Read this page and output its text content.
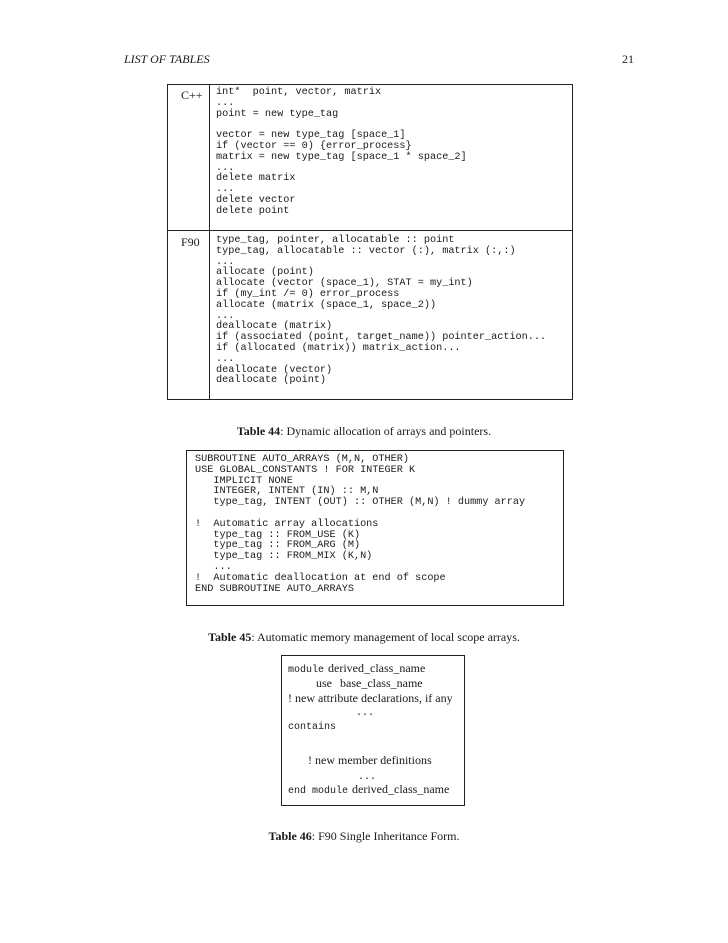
LIST OF TABLES	21
C++ int*  point, vector, matrix
...
point = new type_tag

vector = new type_tag [space_1]
if (vector == 0) {error_process}
matrix = new type_tag [space_1 * space_2]
...
delete matrix
...
delete vector
delete point
F90 type_tag, pointer, allocatable :: point
type_tag, allocatable :: vector (:), matrix (:,:)
...
allocate (point)
allocate (vector (space_1), STAT = my_int)
if (my_int /= 0) error_process
allocate (matrix (space_1, space_2))
...
deallocate (matrix)
if (associated (point, target_name)) pointer_action...
if (allocated (matrix)) matrix_action...
...
deallocate (vector)
deallocate (point)
Table 44: Dynamic allocation of arrays and pointers.
SUBROUTINE AUTO_ARRAYS (M,N, OTHER)
USE GLOBAL_CONSTANTS ! FOR INTEGER K
IMPLICIT NONE
INTEGER, INTENT (IN) :: M,N
type_tag, INTENT (OUT) :: OTHER (M,N) ! dummy array

!  Automatic array allocations
type_tag :: FROM_USE (K)
type_tag :: FROM_ARG (M)
type_tag :: FROM_MIX (K,N)
...
!  Automatic deallocation at end of scope
END SUBROUTINE AUTO_ARRAYS
Table 45: Automatic memory management of local scope arrays.
module derived_class_name
use base_class_name
! new attribute declarations, if any
...
contains
! new member definitions
...
end module derived_class_name
Table 46: F90 Single Inheritance Form.
